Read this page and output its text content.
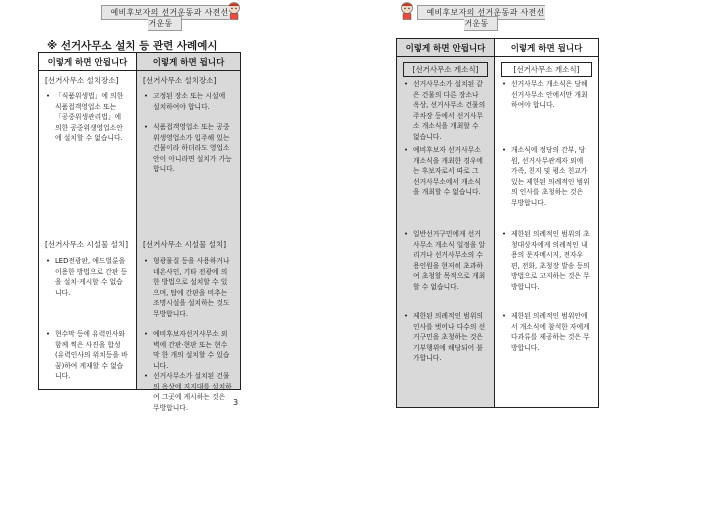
예비후보자의 선거운동과 사전선거운동
예비후보자의 선거운동과 사전선거운동
※ 선거사무소 설치 등 관련 사례예시
이렇게 하면 안됩니다
[선거사무소 설치장소]
• 「식품위생법」에 의한 식품접객영업소 또는 「공중위생관리법」에 의한 공중위생영업소안에 설치할 수 없습니다.
[선거사무소 시설물 설치]
• LED전광판, 애드벌룬을 이용한 방법으로 간판 등을 설치·게시할 수 없습니다.
• 현수막 등에 유력인사와 함께 찍은 사진을 합성(유력인사의 위치등을 바꿈)하여 게재할 수 없습니다.
이렇게 하면 됩니다
[선거사무소 설치장소]
• 고정된 장소 또는 시설에 설치하여야 합니다.
• 식품접객영업소 또는 공중위생영업소가 입주해 있는 건물이라 하더라도 영업소 안이 아니라면 설치가 가능합니다.
[선거사무소 시설물 설치]
• 형광물질 등을 사용하거나 네온사인, 기타 전광에 의한 방법으로 설치할 수 있으며, 탑에 간판을 비추는 조명시설을 설치하는 것도 무방합니다.
• 예비후보자선거사무소 외벽에 간판·현판 또는 현수막 한 개의 설치할 수 있습니다.
• 선거사무소가 설치된 건물의 옥상에 지지대를 설치하여 그곳에 게시하는 것은 무방합니다.
3
이렇게 하면 안됩니다
[선거사무소 게소식]
• 선거사무소가 설치된 같은 건물의 다른 장소나 옥상, 선거사무소 건물의 주차장 등에서 선거사무소 개소식을 개최할 수 없습니다.
• 예비후보자 선거사무소 개소식을 개최한 경우에는 후보자로서 따로 그 선거사무소에서 개소식을 개최할 수 없습니다.
• 일반선거구민에게 선거사무소 개소식 일정을 알리거나 선거사무소의 수용인원을 현저히 초과하여 초청할 목적으로 개최할 수 없습니다.
• 제한된 의례적인 범위의 인사를 벗어나 다수의 선거구민을 초청하는 것은 기부행위에 해당되어 불가합니다.
이렇게 하면 됩니다
[선거사무소 게소식]
• 선거사무소 개소식은 당해 선거사무소 안에서만 개최하여야 합니다.
• 개소식에 정당의 간부, 당원, 선거사무관계자 외에 가족, 친지 및 평소 친교가 있는 제한된 의례적인 범위의 인사를 초청하는 것은 무방합니다.
• 제한된 의례적인 범위의 초청대상자에게 의례적인 내용의 문자메시지, 전자우편, 전화, 초청장 발송 등의 방법으로 고지하는 것은 무방합니다.
• 제한된 의례적인 범위안에서 개소식에 참석한 자에게 다과류를 제공하는 것은 무방합니다.
